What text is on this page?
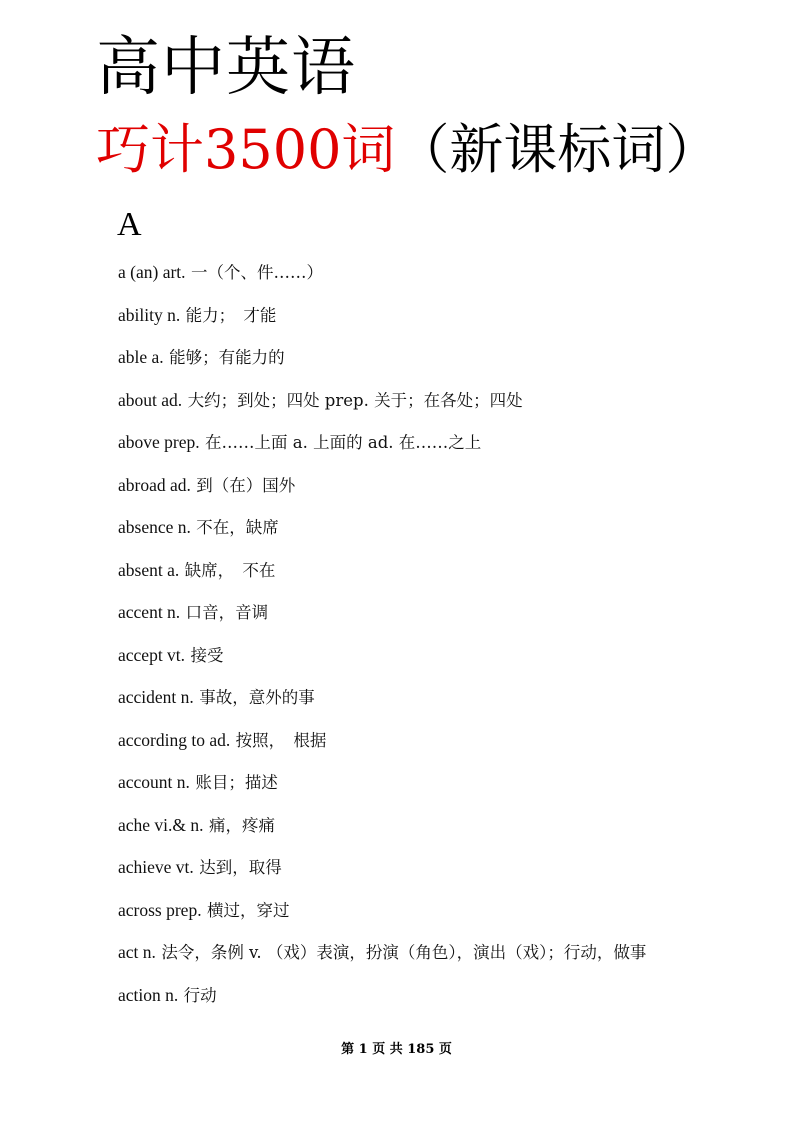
高中英语
巧计3500词（新课标词）
A
a (an) art. 一（个、件……）
ability n. 能力；　才能
able a. 能够；有能力的
about ad. 大约；到处；四处 prep. 关于；在各处；四处
above prep. 在……上面 a. 上面的 ad. 在……之上
abroad ad. 到（在）国外
absence n. 不在，缺席
absent a. 缺席，　不在
accent n. 口音，音调
accept vt. 接受
accident n. 事故，意外的事
according to ad. 按照，　根据
account n. 账目；描述
ache vi.& n. 痛，疼痛
achieve vt. 达到，取得
across prep. 横过，穿过
act n. 法令，条例 v. （戏）表演，扮演（角色），演出（戏）；行动，做事
action n. 行动
第 1 页 共 185 页
